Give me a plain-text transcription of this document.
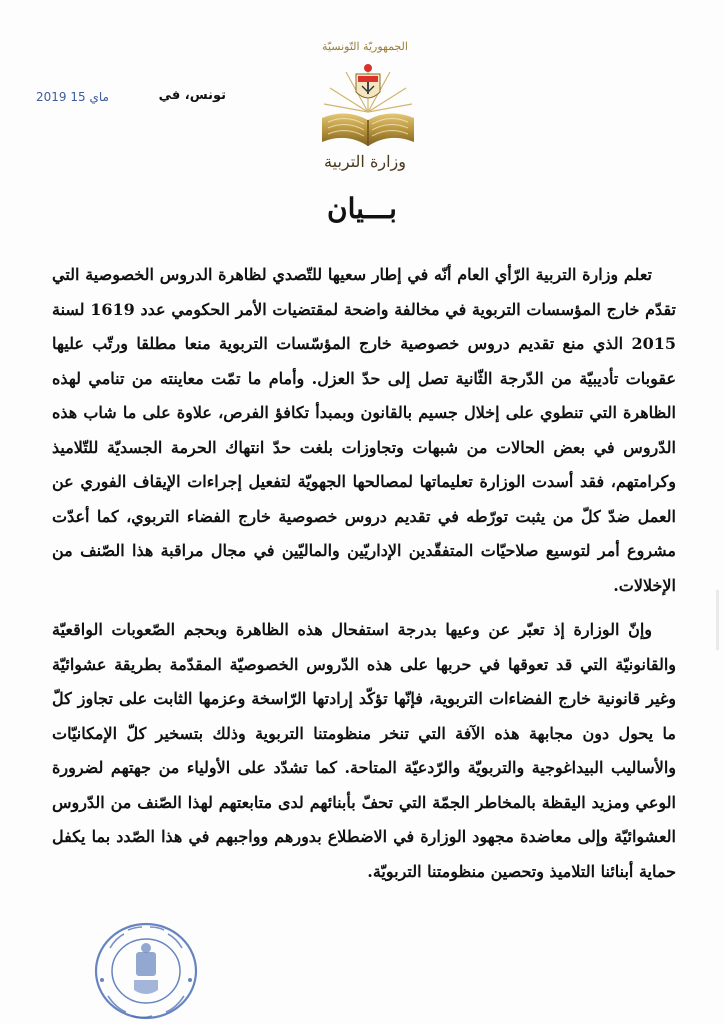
الجمهوريّة التّونسيّة
وزارة التربية
تونس، في
2019 15 ماي
بـــيان

تعلم وزارة التربية الرّأي العام أنّه في إطار سعيها للتّصدي لظاهرة الدروس الخصوصية التي تقدّم خارج المؤسسات التربوية في مخالفة واضحة لمقتضيات الأمر الحكومي عدد 1619 لسنة 2015 الذي منع تقديم دروس خصوصية خارج المؤسّسات التربوية منعا مطلقا ورتّب عليها عقوبات تأديبيّة من الدّرجة الثّانية تصل إلى حدّ العزل. وأمام ما تمّت معاينته من تنامي لهذه الظاهرة التي تنطوي على إخلال جسيم بالقانون وبمبدأ تكافؤ الفرص، علاوة على ما شاب هذه الدّروس في بعض الحالات من شبهات وتجاوزات بلغت حدّ انتهاك الحرمة الجسديّة للتّلاميذ وكرامتهم، فقد أسدت الوزارة تعليماتها لمصالحها الجهويّة لتفعيل إجراءات الإيقاف الفوري عن العمل ضدّ كلّ من يثبت تورّطه في تقديم دروس خصوصية خارج الفضاء التربوي، كما أعدّت مشروع أمر لتوسيع صلاحيّات المتفقّدين الإداريّين والماليّين في مجال مراقبة هذا الصّنف من الإخلالات.

وإنّ الوزارة إذ تعبّر عن وعيها بدرجة استفحال هذه الظاهرة وبحجم الصّعوبات الواقعيّة والقانونيّة التي قد تعوقها في حربها على هذه الدّروس الخصوصيّة المقدّمة بطريقة عشوائيّة وغير قانونية خارج الفضاءات التربوية، فإنّها تؤكّد إرادتها الرّاسخة وعزمها الثابت على تجاوز كلّ ما يحول دون مجابهة هذه الآفة التي تنخر منظومتنا التربوية وذلك بتسخير كلّ الإمكانيّات والأساليب البيداغوجية والتربويّة والرّدعيّة المتاحة. كما تشدّد على الأولياء من جهتهم لضرورة الوعي ومزيد اليقظة بالمخاطر الجمّة التي تحفّ بأبنائهم لدى متابعتهم لهذا الصّنف من الدّروس العشوائيّة وإلى معاضدة مجهود الوزارة في الاضطلاع بدورهم وواجبهم في هذا الصّدد بما يكفل حماية أبنائنا التلاميذ وتحصين منظومتنا التربويّة.
